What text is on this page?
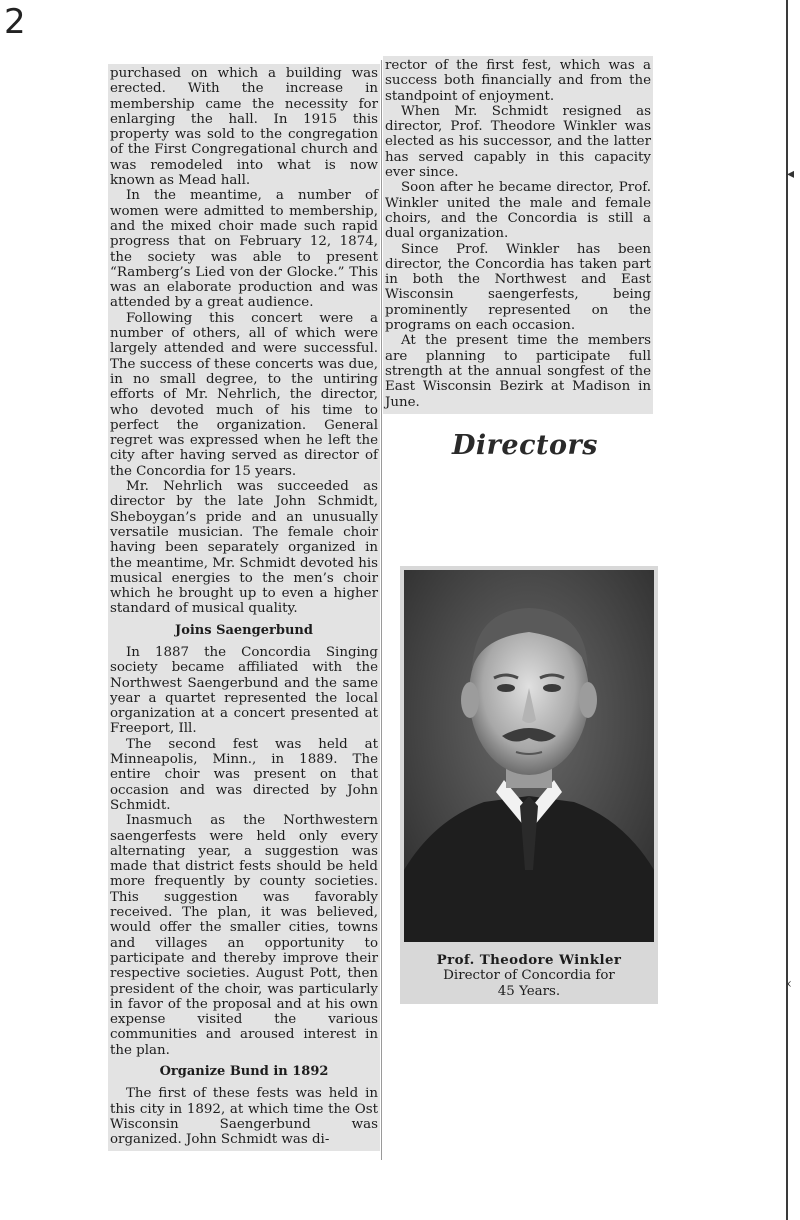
2
◂
‹

purchased on which a building was erected. With the increase in membership came the necessity for enlarging the hall. In 1915 this property was sold to the congregation of the First Congregational church and was remodeled into what is now known as Mead hall.

In the meantime, a number of women were admitted to membership, and the mixed choir made such rapid progress that on February 12, 1874, the society was able to present “Ramberg’s Lied von der Glocke.” This was an elaborate production and was attended by a great audience.

Following this concert were a number of others, all of which were largely attended and were successful. The success of these concerts was due, in no small degree, to the untiring efforts of Mr. Nehrlich, the director, who devoted much of his time to perfect the organization. General regret was expressed when he left the city after having served as director of the Concordia for 15 years.

Mr. Nehrlich was succeeded as director by the late John Schmidt, Sheboygan’s pride and an unusually versatile musician. The female choir having been separately organized in the meantime, Mr. Schmidt devoted his musical energies to the men’s choir which he brought up to even a higher standard of musical quality.

Joins Saengerbund

In 1887 the Concordia Singing society became affiliated with the Northwest Saengerbund and the same year a quartet represented the local organization at a concert presented at Freeport, Ill.

The second fest was held at Minneapolis, Minn., in 1889. The entire choir was present on that occasion and was directed by John Schmidt.

Inasmuch as the Northwestern saengerfests were held only every alternating year, a suggestion was made that district fests should be held more frequently by county societies. This suggestion was favorably received. The plan, it was believed, would offer the smaller cities, towns and villages an opportunity to participate and thereby improve their respective societies. August Pott, then president of the choir, was particularly in favor of the proposal and at his own expense visited the various communities and aroused interest in the plan.

Organize Bund in 1892

The first of these fests was held in this city in 1892, at which time the Ost Wisconsin Saengerbund was organized. John Schmidt was di-

rector of the first fest, which was a success both financially and from the standpoint of enjoyment.

When Mr. Schmidt resigned as director, Prof. Theodore Winkler was elected as his successor, and the latter has served capably in this capacity ever since.

Soon after he became director, Prof. Winkler united the male and female choirs, and the Concordia is still a dual organization.

Since Prof. Winkler has been director, the Concordia has taken part in both the Northwest and East Wisconsin saengerfests, being prominently represented on the programs on each occasion.

At the present time the members are planning to participate full strength at the annual songfest of the East Wisconsin Bezirk at Madison in June.

Directors
Prof. Theodore Winkler
Director of Concordia for
45 Years.
